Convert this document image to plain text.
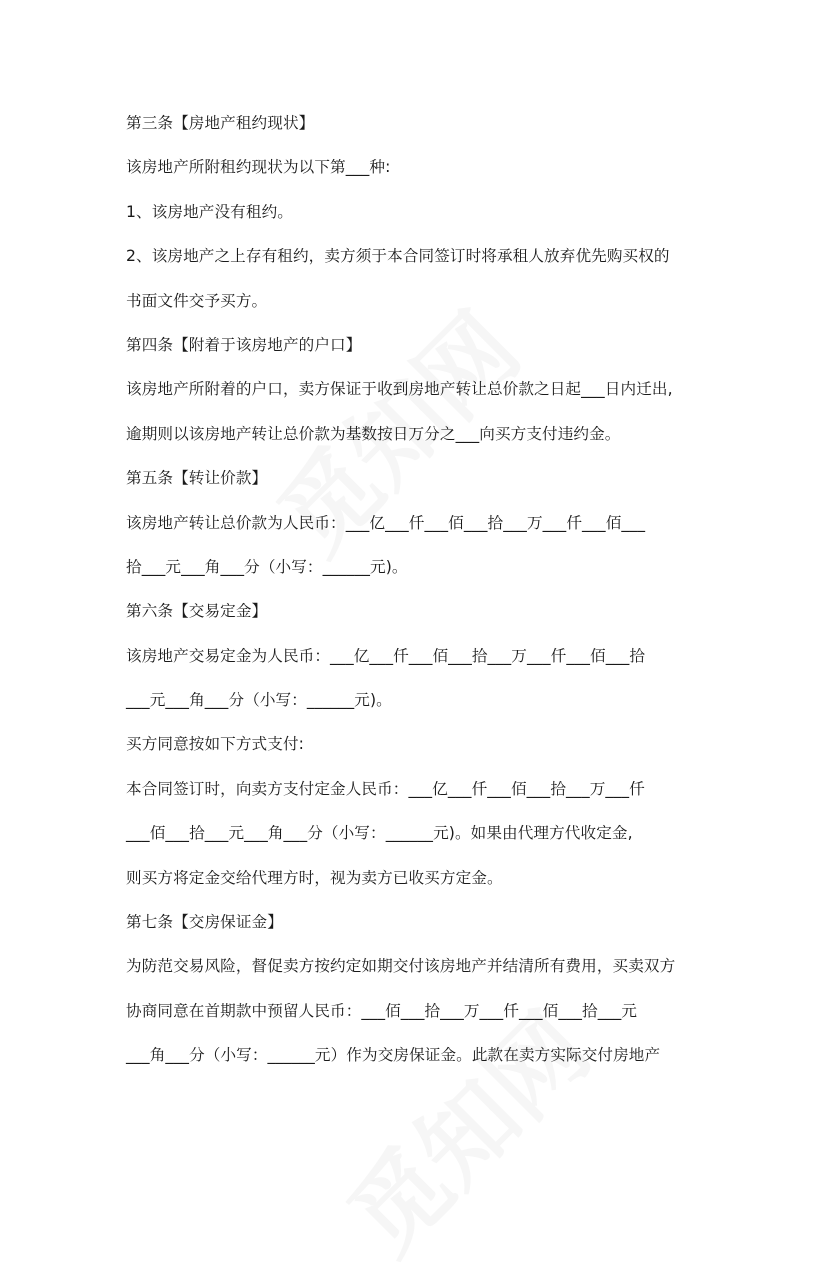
第三条【房地产租约现状】
该房地产所附租约现状为以下第___种:
1、该房地产没有租约。
2、该房地产之上存有租约，卖方须于本合同签订时将承租人放弃优先购买权的
书面文件交予买方。
第四条【附着于该房地产的户口】
该房地产所附着的户口，卖方保证于收到房地产转让总价款之日起___日内迁出,
逾期则以该房地产转让总价款为基数按日万分之___向买方支付违约金。
第五条【转让价款】
该房地产转让总价款为人民币：___亿___仟___佰___拾___万___仟___佰___
拾___元___角___分（小写：______元)。
第六条【交易定金】
该房地产交易定金为人民币：___亿___仟___佰___拾___万___仟___佰___拾
___元___角___分（小写：______元)。
买方同意按如下方式支付:
本合同签订时，向卖方支付定金人民币：___亿___仟___佰___拾___万___仟
___佰___拾___元___角___分（小写：______元)。如果由代理方代收定金,
则买方将定金交给代理方时，视为卖方已收买方定金。
第七条【交房保证金】
为防范交易风险，督促卖方按约定如期交付该房地产并结清所有费用，买卖双方
协商同意在首期款中预留人民币：___佰___拾___万___仟___佰___拾___元
___角___分（小写：______元）作为交房保证金。此款在卖方实际交付房地产
